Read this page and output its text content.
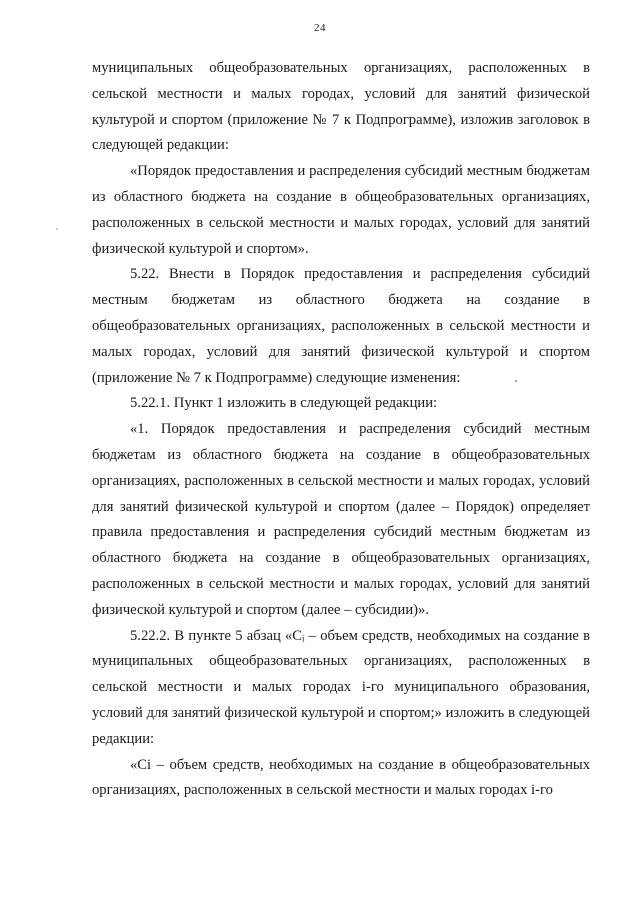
24

муниципальных общеобразовательных организациях, расположенных в сельской местности и малых городах, условий для занятий физической культурой и спортом (приложение № 7 к Подпрограмме), изложив заголовок в следующей редакции:

«Порядок предоставления и распределения субсидий местным бюджетам из областного бюджета на создание в общеобразовательных организациях, расположенных в сельской местности и малых городах, условий для занятий физической культурой и спортом».

5.22. Внести в Порядок предоставления и распределения субсидий местным бюджетам из областного бюджета на создание в общеобразовательных организациях, расположенных в сельской местности и малых городах, условий для занятий физической культурой и спортом (приложение № 7 к Подпрограмме) следующие изменения:

5.22.1. Пункт 1 изложить в следующей редакции:

«1. Порядок предоставления и распределения субсидий местным бюджетам из областного бюджета на создание в общеобразовательных организациях, расположенных в сельской местности и малых городах, условий для занятий физической культурой и спортом (далее – Порядок) определяет правила предоставления и распределения субсидий местным бюджетам из областного бюджета на создание в общеобразовательных организациях, расположенных в сельской местности и малых городах, условий для занятий физической культурой и спортом (далее – субсидии)».

5.22.2. В пункте 5 абзац «Cᵢ – объем средств, необходимых на создание в муниципальных общеобразовательных организациях, расположенных в сельской местности и малых городах i-го муниципального образования, условий для занятий физической культурой и спортом;» изложить в следующей редакции:

«Ci – объем средств, необходимых на создание в общеобразовательных организациях, расположенных в сельской местности и малых городах i-го
